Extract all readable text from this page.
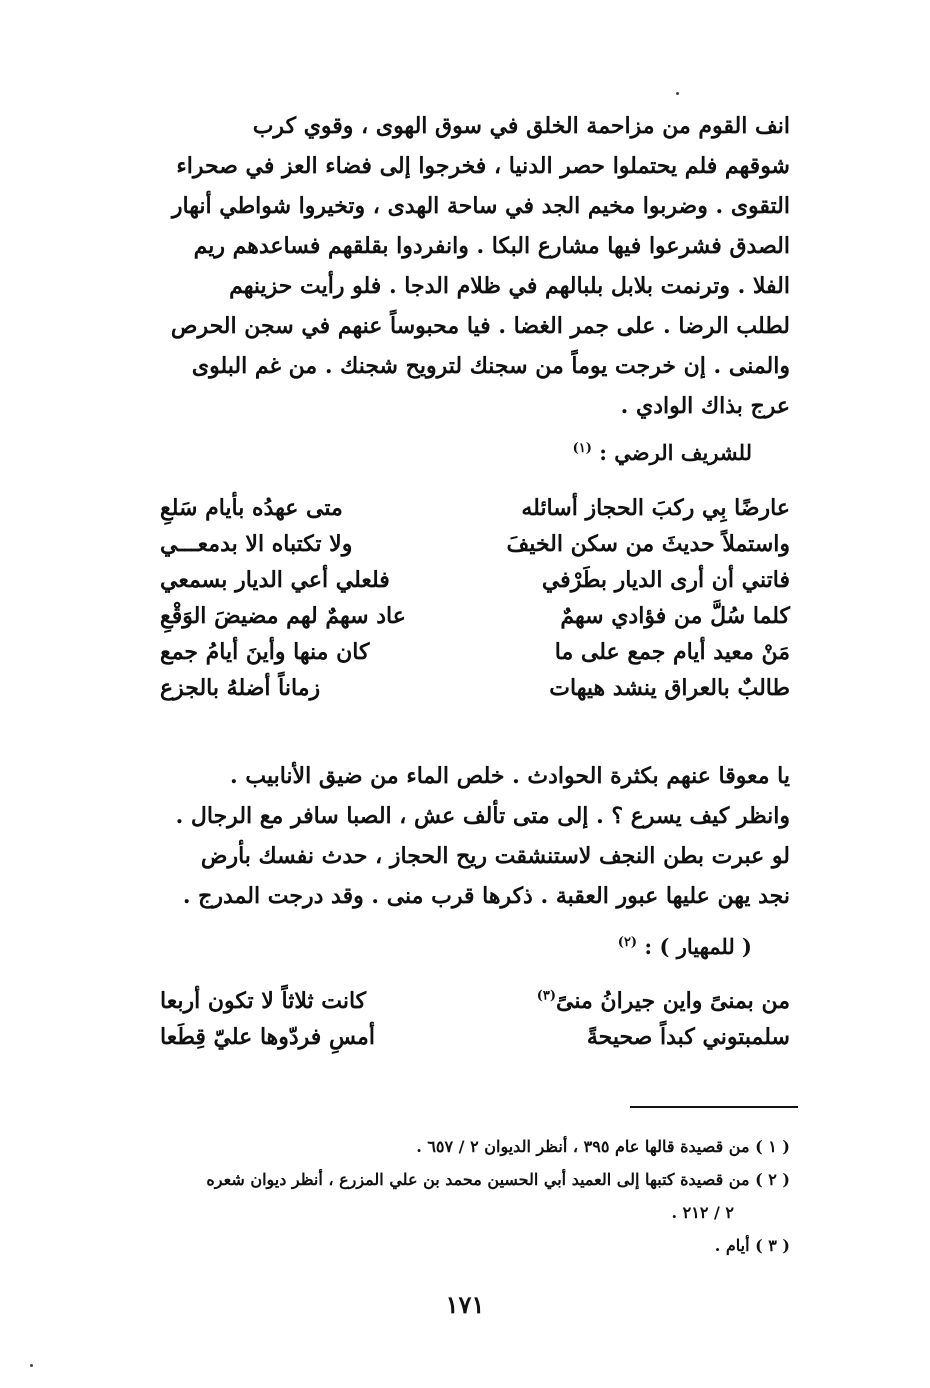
انف القوم من مزاحمة الخلق في سوق الهوى ، وقوي كرب
شوقهم فلم يحتملوا حصر الدنيا ، فخرجوا إلى فضاء العز في صحراء
التقوى . وضربوا مخيم الجد في ساحة الهدى ، وتخيروا شواطي أنهار
الصدق فشرعوا فيها مشارع البكا . وانفردوا بقلقهم فساعدهم ريم
الفلا . وترنمت بلابل بلبالهم في ظلام الدجا . فلو رأيت حزينهم
لطلب الرضا . على جمر الغضا . فيا محبوساً عنهم في سجن الحرص
والمنى . إن خرجت يوماً من سجنك لترويح شجنك . من غم البلوى
عرج بذاك الوادي .
للشريف الرضي : $^{(١)}$
عارضًا بِي ركبَ الحجاز أسائله
متى عهدُه بأيام سَلعِ
واستملاً حديثَ من سكن الخيفَ
ولا تكتباه الا بدمعـــي
فاتني أن أرى الديار بطَرْفي
فلعلي أعي الديار بسمعي
كلما سُلَّ من فؤادي سهمٌ
عاد سهمٌ لهم مضيضَ الوَقْعِ
مَنْ معيد أيام جمع على ما
كان منها وأينَ أيامُ جمع
طالبٌ بالعراق ينشد هيهات
زماناً أضلهُ بالجزع
يا معوقا عنهم بكثرة الحوادث . خلص الماء من ضيق الأنابيب .
وانظر كيف يسرع ؟ . إلى متى تألف عش ، الصبا سافر مع الرجال .
لو عبرت بطن النجف لاستنشقت ريح الحجاز ، حدث نفسك بأرض
نجد يهن عليها عبور العقبة . ذكرها قرب منى . وقد درجت المدرج .
( للمهيار ) : $^{(٢)}$
من بمنىً واين جيرانُ منىً$^{(٣)}$
كانت ثلاثاً لا تكون أربعا
سلمبتوني كبداً صحيحةً
أمسِ فردّوها عليّ قِطَعا
( ١ ) من قصيدة قالها عام ٣٩٥ ، أنظر الديوان ٢ / ٦٥٧ .
( ٢ ) من قصيدة كتبها إلى العميد أبي الحسين محمد بن علي المزرع ، أنظر ديوان شعره
٢ / ٢١٢ .
( ٣ ) أيام .
١٧١
